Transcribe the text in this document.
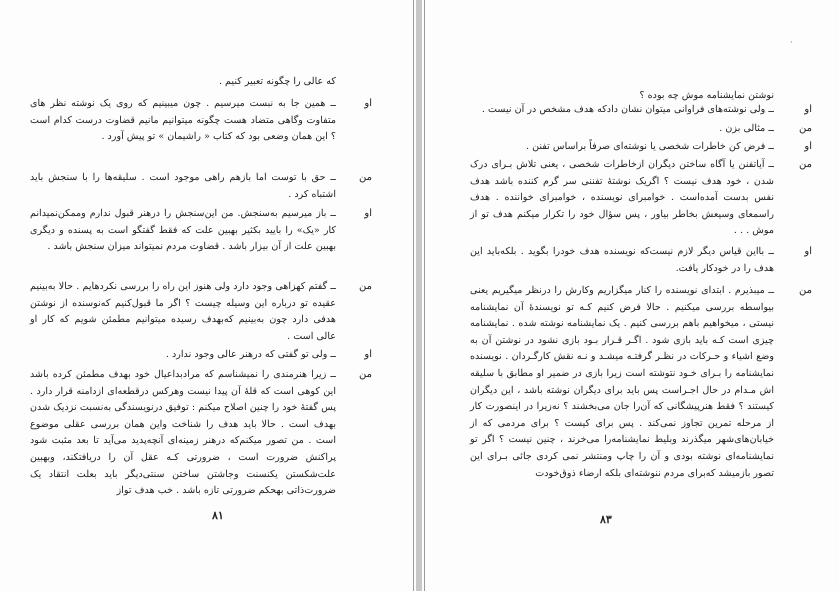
که عالی را چگونه تعبیر کنیم .
او
ــ همین جا به نبست میرسیم . چون میبینیم که روی یک نوشته نظر های متفاوت وگاهی متضاد هست چگونه میتوانیم مانیم قضاوت درست کدام است ؟ این همان وضعی بود که کتاب « راشیمان » تو پیش آورد .
من
ــ حق با توست اما بازهم راهی موجود است . سلیقه‌ها را با سنجش باید اشتباه کرد .
او
ــ باز میرسیم به‌سنجش. من این‌سنجش را درهنر قبول ندارم وممکن‌نمیدانم کار «یک» را بایید بکثیر بهبین علت که فقط گفتگو است به پسنده و دیگری بهبین علت از آن بیزار باشد . قضاوت مردم نمیتواند میزان سنجش باشد .
من
ــ گفتم کهزاهی وجود دارد ولی هنوز این راه را بررسی نکردهایم . حالا به‌بینیم عقیده تو درباره این وسیله چیست ؟ اگر ما قبول‌کنیم که‌نوسنده از نوشتن هدفی دارد چون به‌بینیم که‌بهدف رسیده میتوانیم مطمئن شویم که کار او عالی است .
او
ــ ولی تو گفتی که درهنر عالی وجود ندارد .
من
ــ زیرا هنرمندی را نمیشناسم که مرادبداعیال خود بهدف مطمئن کرده باشد این کوهی است که قلهٔ آن پیدا نیست وهرکس درقطعه‌ای ازدامنه قرار دارد . پس گفتهٔ خود را چنین اصلاح میکنم : توفیق درنویسندگی به‌نسبت نزدیک شدن بهدف است . حالا باید هدف را شناخت واین همان بررسی عقلی موضوع است . من تصور میکنم‌که درهنر زمینه‌ای آنچه‌پدید می‌آید تا بعد مثبت شود پراکنش ضرورت است ، ضرورتی کـه عقل آن را دریافتکند، وبهبین علت‌شکستن یکنسنت وجاشتن ساختن سنتی‌دیگر باید بعلت انتقاد یک ضرورت‌ذاتی بهحکم ضرورتی تازه باشد . خب هدف تواز
۸۱
·
نوشتن نمایشنامه موش چه بوده ؟
او
ــ ولی نوشته‌های فراوانی میتوان نشان دادکه هدف مشخص در آن نیست .
من
ــ مثالی بزن .
او
ــ فرض کن خاطرات شخصی یا نوشته‌ای صرفاً براساس تفنن .
من
ــ آیاتفنن یا آگاه ساختن دیگران ازخاطرات شخصی ، یعنی تلاش بـرای درک شدن ، خود هدف نیست ؟ اگریک نوشتهٔ تفننی سر گرم کننده باشد هدف نفس بدست آمده‌است . خوامبرای نویسنده ، خوامبرای خواننده . هدف راسمعای وسیعش بخاطر بیاور ، پس سؤال خود را تکرار میکنم هدف تو از موش . . .
او
ــ بااین قیاس دیگر لازم نیست‌که نویسنده هدف خودرا بگوید . بلکه‌باید این هدف را در خودکار یافت.
من
ــ میبذیرم . ابتدای نویسنده را کنار میگزاریم وکارش را درنظر میگیریم یعنی بیواسطه بررسی میکنیم . حالا فرض کنیم کـه تو نویسندهٔ آن نمایشنامه نیستی ، میخواهیم باهم بررسی کنیم . یک نمایشنامه نوشته شده . نمایشنامه چیزی است کـه باید بازی شود . اگـر قـرار بـود بازی نشود در نوشتن آن به وضع اشیاء و حـرکات در نظـر گرفتـه میشـد و نـه نقش کارگـردان . نویسنده نمایشنامه را بـرای خـود نتوشته است زیرا بازی در ضمیر او مطابق با سلیقه اش مـدام در حال اجـراست پس باید برای دیگران نوشته باشد ، این دیگران کیستند ؟ فقط هنرپیشگانی که آن‌را جان می‌بخشند ؟ نه‌زیرا در اینصورت کار از مرحله تمرین تجاوز نمی‌کند . پس برای کیست ؟ برای مردمی که از خیابان‌های‌شهر میگذرند وبلیط نمایشنامه‌را می‌خرند ، چنین نیست ؟ اگر تو نمایشنامه‌ای نوشته بودی و آن را چاپ ومنتشر نمی کردی جائی بـرای این تصور باز‌میشد که‌برای مردم ننوشته‌ای بلکه ارضاء ذوق‌خودت
۸۳
